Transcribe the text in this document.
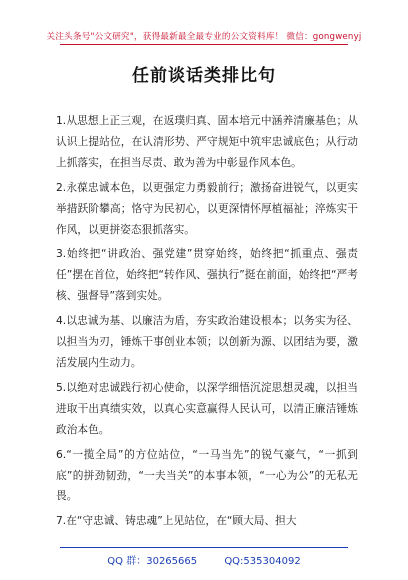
关注头条号"公文研究"，获得最新最全最专业的公文资料库！ 微信：gongwenyj
任前谈话类排比句

1.从思想上正三观，在返璞归真、固本培元中涵养清廉基色；从认识上提站位，在认清形势、严守规矩中筑牢忠诚底色；从行动上抓落实，在担当尽责、敢为善为中彰显作风本色。

2.永葆忠诚本色，以更强定力勇毅前行；激扬奋进锐气，以更实举措跃阶攀高；恪守为民初心，以更深情怀厚植福祉；淬炼实干作风，以更拼姿态狠抓落实。

3.始终把“讲政治、强党建”贯穿始终，始终把“抓重点、强责任”摆在首位，始终把“转作风、强执行”挺在前面，始终把“严考核、强督导”落到实处。

4.以忠诚为基、以廉洁为盾，夯实政治建设根本；以务实为径、以担当为刃，锤炼干事创业本领；以创新为源、以团结为要，激活发展内生动力。

5.以绝对忠诚践行初心使命，以深学细悟沉淀思想灵魂，以担当进取干出真绩实效，以真心实意赢得人民认可，以清正廉洁锤炼政治本色。

6.“一揽全局”的方位站位，“一马当先”的锐气豪气，“一抓到底”的拼劲韧劲，“一夫当关”的本事本领，“一心为公”的无私无畏。

7.在“守忠诚、铸忠魂”上见站位，在“顾大局、担大

QQ 群：30265665	QQ:535304092
